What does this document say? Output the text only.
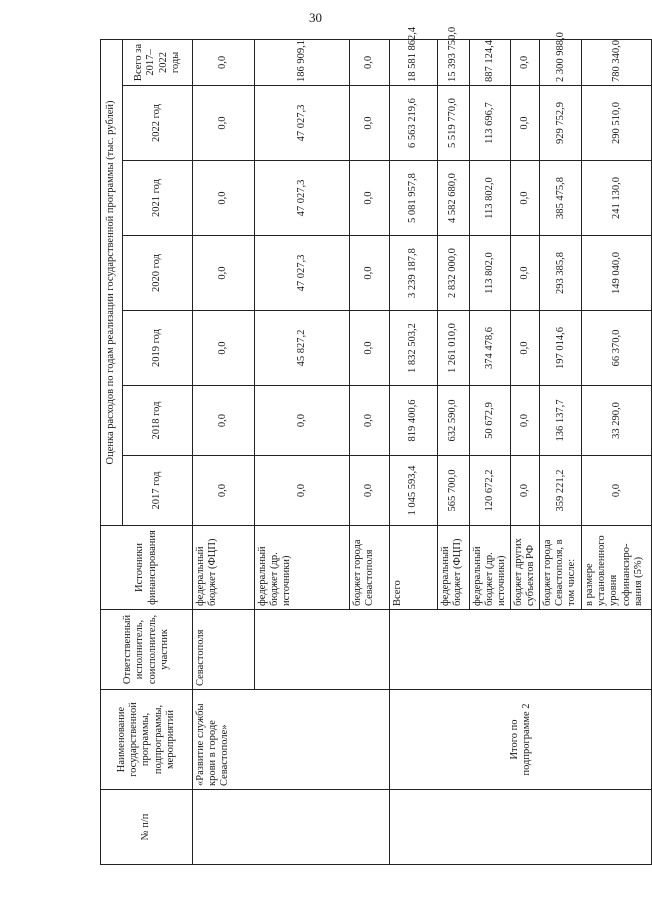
30
№ п/п	Наименование государственной программы, подпрограммы, мероприятий	Ответственный исполнитель, соисполнитель, участник	Источники финансирования	Оценка расходов по годам реализации государственной программы (тыс. рублей)						
				2017 год	2018 год	2019 год	2020 год	2021 год	2022 год	Всего за 2017–2022 годы
	«Развитие службы крови в городе Севастополе»	Севастополя	федеральный бюджет (ФЦП)	0,0	0,0	0,0	0,0	0,0	0,0	0,0
			федеральный бюджет (др. источники)	0,0	0,0	45 827,2	47 027,3	47 027,3	47 027,3	186 909,1
			бюджет города Севастополя	0,0	0,0	0,0	0,0	0,0	0,0	0,0
	Итого по подпрограмме 2		Всего	1 045 593,4	819 400,6	1 832 503,2	3 239 187,8	5 081 957,8	6 563 219,6	18 581 862,4
			федеральный бюджет (ФЦП)	565 700,0	632 590,0	1 261 010,0	2 832 000,0	4 582 680,0	5 519 770,0	15 393 750,0
			федеральный бюджет (др. источники)	120 672,2	50 672,9	374 478,6	113 802,0	113 802,0	113 696,7	887 124,4
			бюджет других субъектов РФ	0,0	0,0	0,0	0,0	0,0	0,0	0,0
			бюджет города Севастополя, в том числе:	359 221,2	136 137,7	197 014,6	293 385,8	385 475,8	929 752,9	2 300 988,0
			в размере установленного уровня софинансиро-вания (5%)	0,0	33 290,0	66 370,0	149 040,0	241 130,0	290 510,0	780 340,0
